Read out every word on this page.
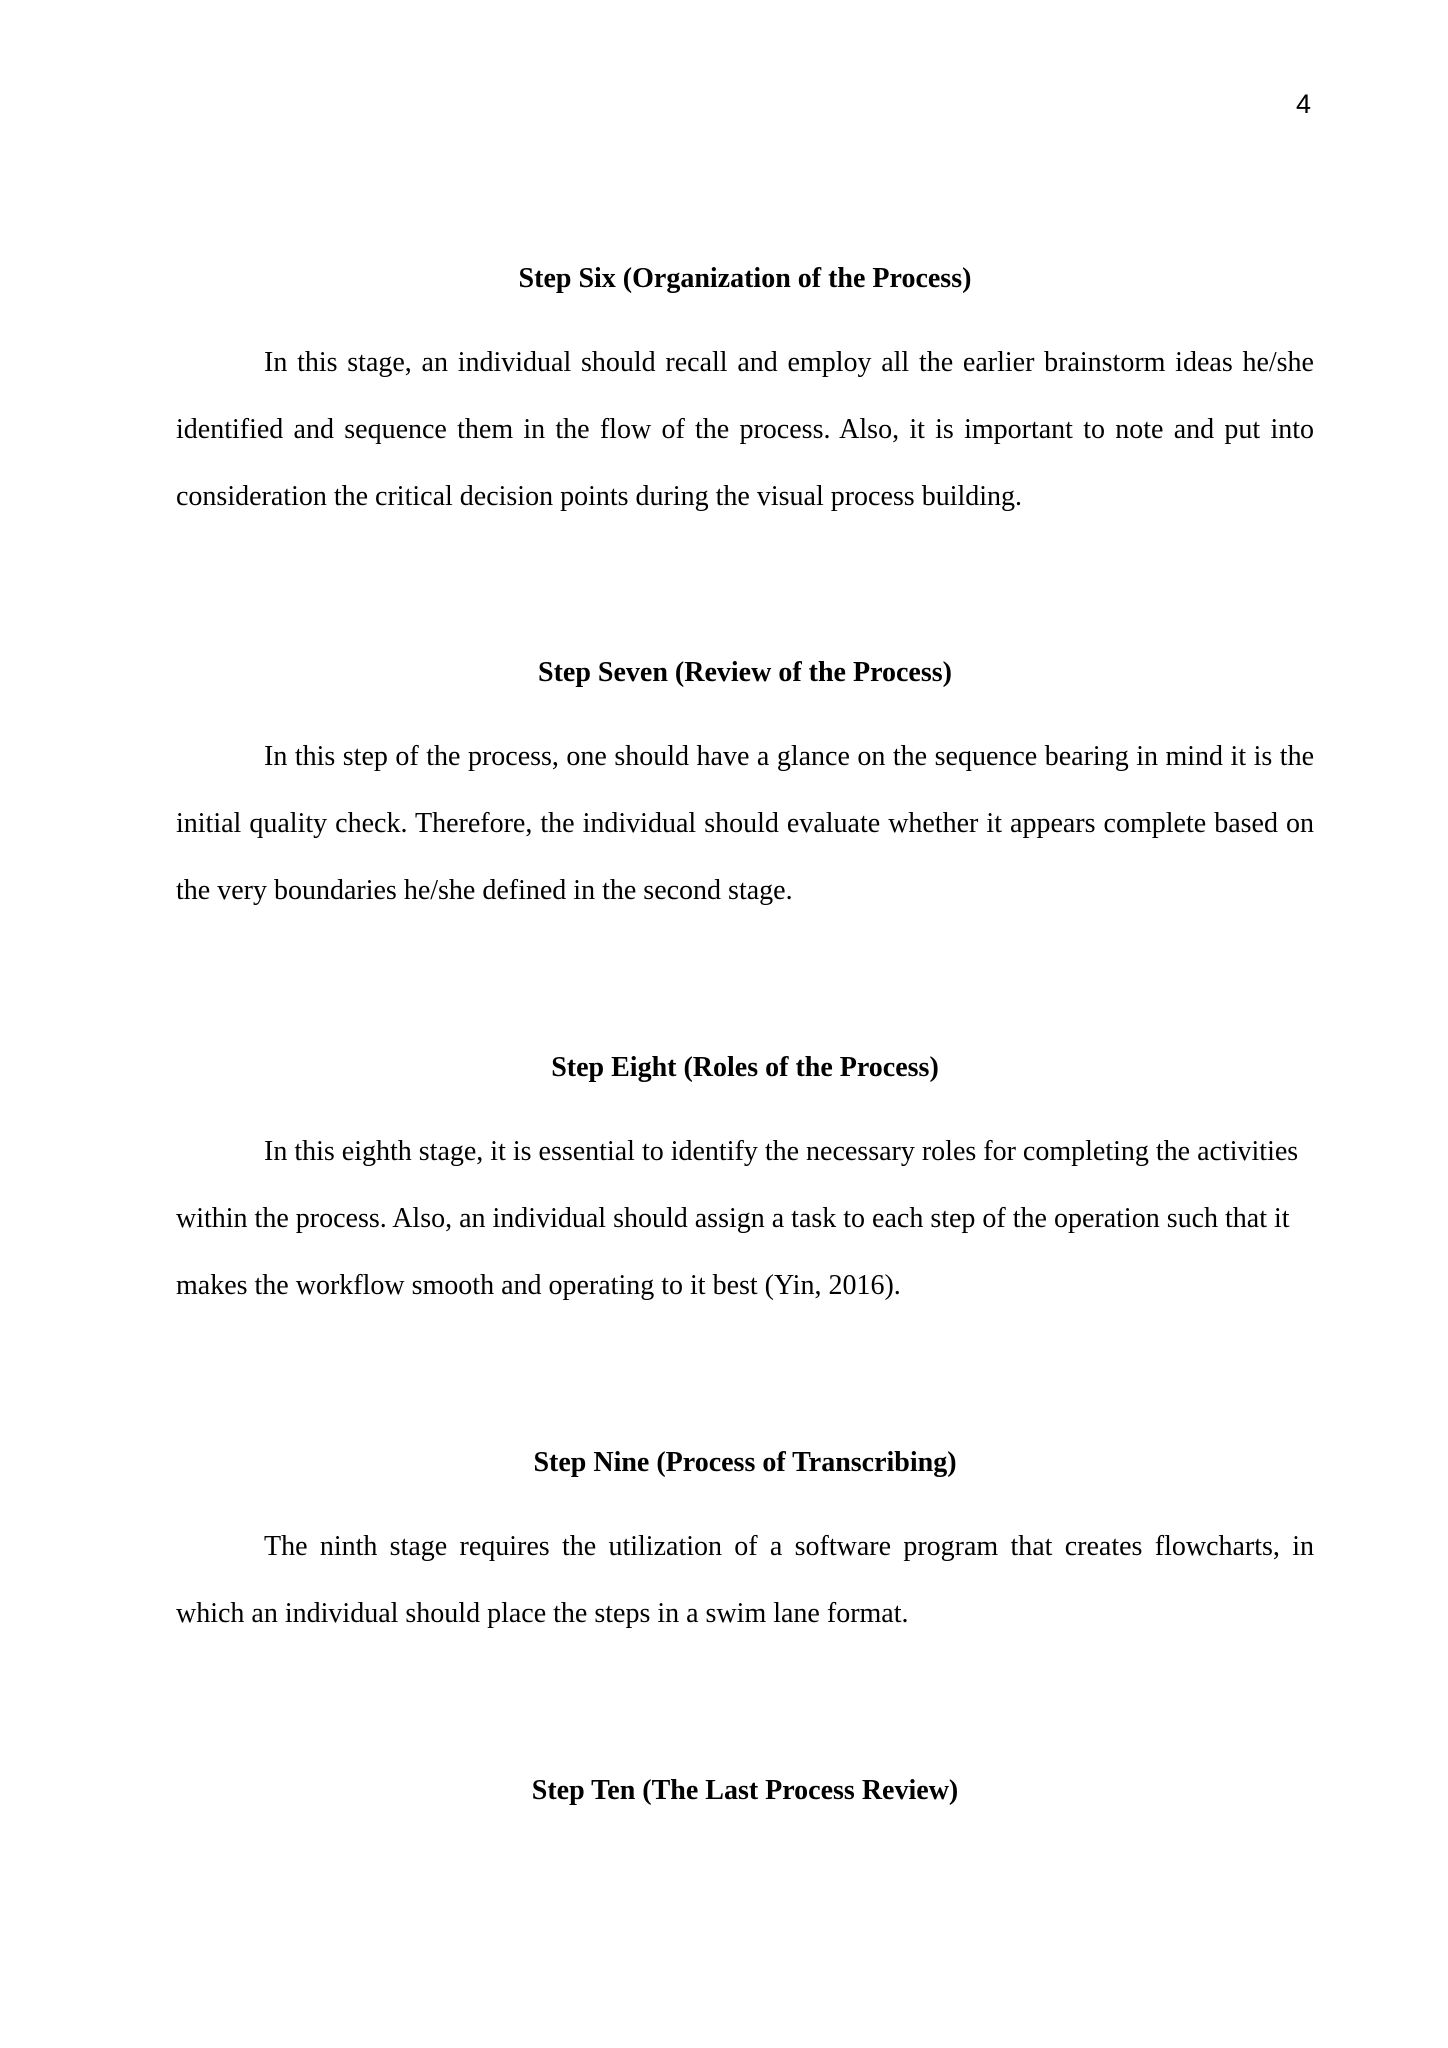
4
Step Six (Organization of the Process)

In this stage, an individual should recall and employ all the earlier brainstorm ideas he/she identified and sequence them in the flow of the process. Also, it is important to note and put into consideration the critical decision points during the visual process building.

Step Seven (Review of the Process)

In this step of the process, one should have a glance on the sequence bearing in mind it is the initial quality check. Therefore, the individual should evaluate whether it appears complete based on the very boundaries he/she defined in the second stage.

Step Eight (Roles of the Process)

In this eighth stage, it is essential to identify the necessary roles for completing the activities within the process. Also, an individual should assign a task to each step of the operation such that it makes the workflow smooth and operating to it best (Yin, 2016).

Step Nine (Process of Transcribing)

The ninth stage requires the utilization of a software program that creates flowcharts, in which an individual should place the steps in a swim lane format.

Step Ten (The Last Process Review)
